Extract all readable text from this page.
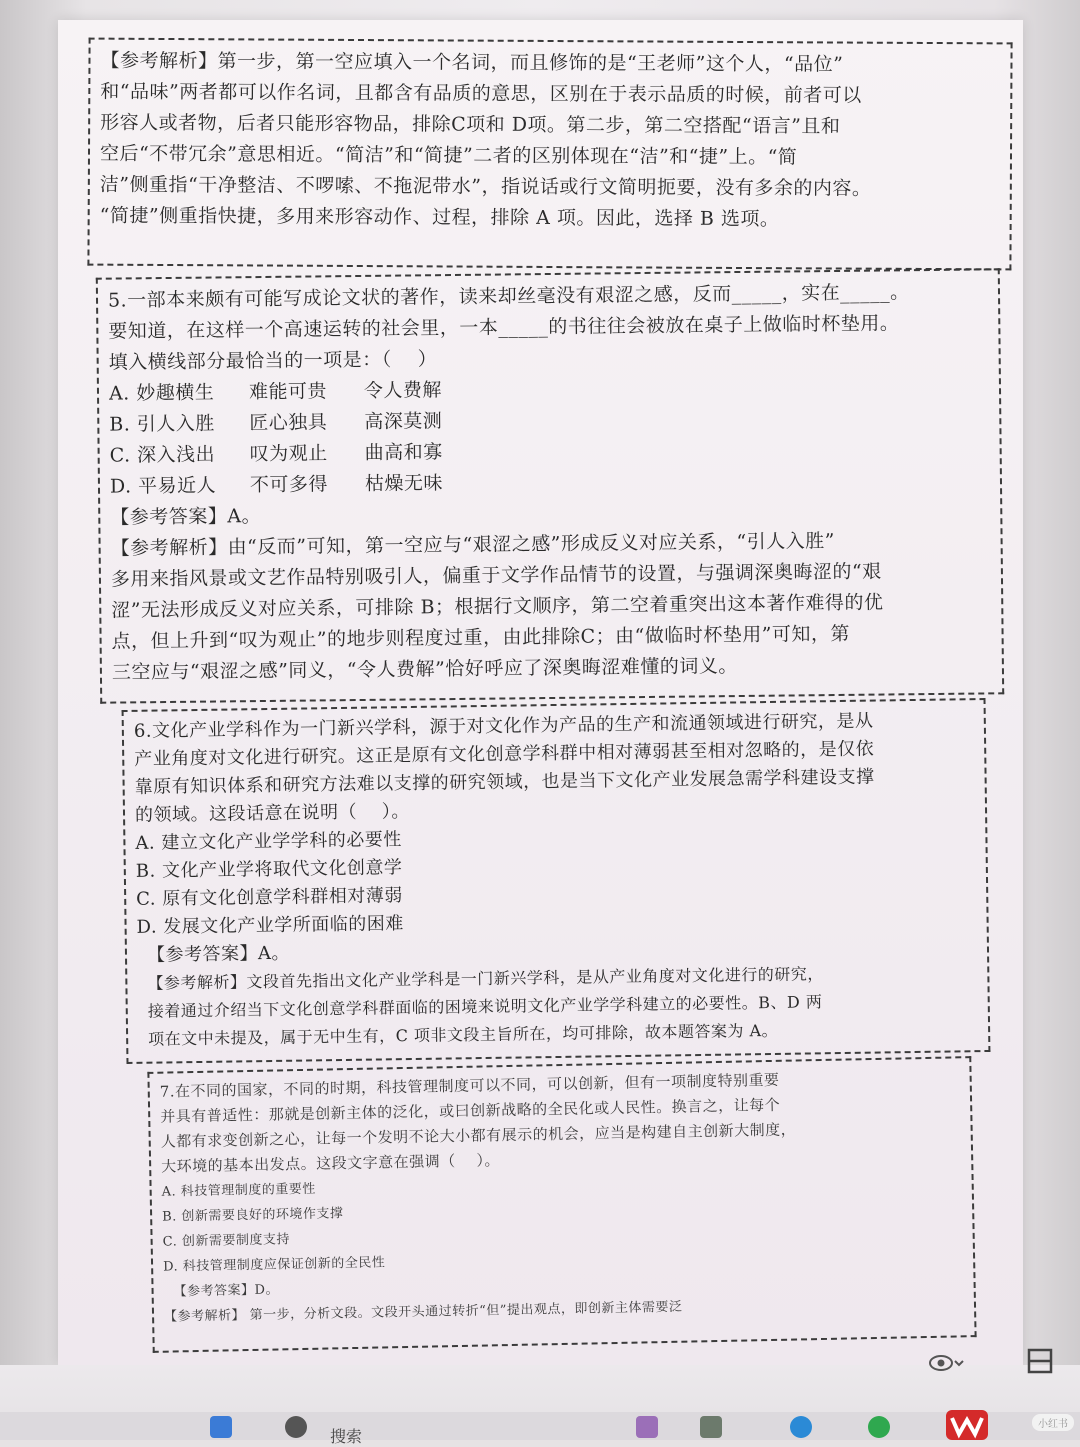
【参考解析】第一步，第一空应填入一个名词，而且修饰的是“王老师”这个人，“品位”

和“品味”两者都可以作名词，且都含有品质的意思，区别在于表示品质的时候，前者可以

形容人或者物，后者只能形容物品，排除C项和 D项。第二步，第二空搭配“语言”且和

空后“不带冗余”意思相近。“简洁”和“简捷”二者的区别体现在“洁”和“捷”上。“简

洁”侧重指“干净整洁、不啰嗦、不拖泥带水”，指说话或行文简明扼要，没有多余的内容。

“简捷”侧重指快捷，多用来形容动作、过程，排除 A 项。因此，选择 B 选项。

5.一部本来颇有可能写成论文状的著作，读来却丝毫没有艰涩之感，反而_____，实在_____。

要知道，在这样一个高速运转的社会里，一本_____的书往往会被放在桌子上做临时杯垫用。

填入横线部分最恰当的一项是：（　 ）

A. 妙趣横生	难能可贵	令人费解
B. 引人入胜	匠心独具	高深莫测
C. 深入浅出	叹为观止	曲高和寡
D. 平易近人	不可多得	枯燥无味

【参考答案】A。

【参考解析】由“反而”可知，第一空应与“艰涩之感”形成反义对应关系，“引人入胜”

多用来指风景或文艺作品特别吸引人，偏重于文学作品情节的设置，与强调深奥晦涩的“艰

涩”无法形成反义对应关系，可排除 B；根据行文顺序，第二空着重突出这本著作难得的优

点，但上升到“叹为观止”的地步则程度过重，由此排除C；由“做临时杯垫用”可知，第

三空应与“艰涩之感”同义，“令人费解”恰好呼应了深奥晦涩难懂的词义。

6.文化产业学科作为一门新兴学科，源于对文化作为产品的生产和流通领域进行研究，是从

产业角度对文化进行研究。这正是原有文化创意学科群中相对薄弱甚至相对忽略的，是仅依

靠原有知识体系和研究方法难以支撑的研究领域，也是当下文化产业发展急需学科建设支撑

的领域。这段话意在说明（　 ）。

A. 建立文化产业学学科的必要性

B. 文化产业学将取代文化创意学

C. 原有文化创意学科群相对薄弱

D. 发展文化产业学所面临的困难

【参考答案】A。

【参考解析】文段首先指出文化产业学科是一门新兴学科，是从产业角度对文化进行的研究，

接着通过介绍当下文化创意学科群面临的困境来说明文化产业学学科建立的必要性。B、D 两

项在文中未提及，属于无中生有，C 项非文段主旨所在，均可排除，故本题答案为 A。

7.在不同的国家，不同的时期，科技管理制度可以不同，可以创新，但有一项制度特别重要

并具有普适性：那就是创新主体的泛化，或曰创新战略的全民化或人民性。换言之，让每个

人都有求变创新之心，让每一个发明不论大小都有展示的机会，应当是构建自主创新大制度，

大环境的基本出发点。这段文字意在强调（　 ）。

A. 科技管理制度的重要性

B. 创新需要良好的环境作支撑

C. 创新需要制度支持

D. 科技管理制度应保证创新的全民性

【参考答案】D。

【参考解析】 第一步，分析文段。文段开头通过转折“但”提出观点，即创新主体需要泛

搜索
小红书
